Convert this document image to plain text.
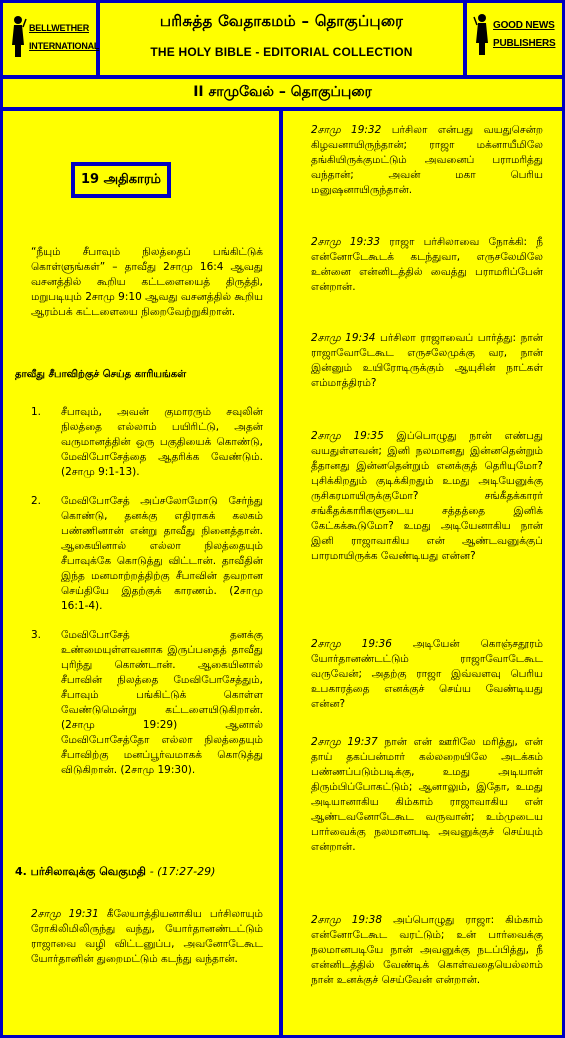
BELLWETHER
INTERNATIONAL
பரிசுத்த வேதாகமம் – தொகுப்புரை
THE HOLY BIBLE - EDITORIAL COLLECTION
GOOD NEWS
PUBLISHERS
II சாமுவேல் – தொகுப்புரை
19 அதிகாரம்
“நீயும் சீபாவும் நிலத்தைப் பங்கிட்டுக் கொள்ளுங்கள்” – தாவீது 2சாமு 16:4 ஆவது வசனத்தில் கூறிய கட்டளையைத் திருத்தி, மறுபடியும் 2சாமு 9:10 ஆவது வசனத்தில் கூறிய ஆரம்பக் கட்டளையை நிறைவேற்றுகிறான்.
தாவீது சீபாவிற்குச் செய்த காரியங்கள்
1. சீபாவும், அவன் குமாரரும் சவுலின் நிலத்தை எல்லாம் பயிரிட்டு, அதன் வருமானத்தின் ஒரு பகுதியைக் கொண்டு, மேவிபோசேத்தை ஆதரிக்க வேண்டும். (2சாமு 9:1-13).
2. மேவிபோசேத் அப்சலோமோடு சேர்ந்து கொண்டு, தனக்கு எதிராகக் கலகம் பண்ணினான் என்று தாவீது நினைத்தான். ஆகையினால் எல்லா நிலத்தையும் சீபாவுக்கே கொடுத்து விட்டான். தாவீதின் இந்த மனமாற்றத்திற்கு சீபாவின் தவறான செய்தியே இதற்குக் காரணம். (2சாமு 16:1-4).
3. மேவிபோசேத் தனக்கு உண்மையுள்ளவனாக இருப்பதைத் தாவீது புரிந்து கொண்டான். ஆகையினால் சீபாவின் நிலத்தை மேவிபோசேத்தும், சீபாவும் பங்கிட்டுக் கொள்ள வேண்டுமென்று கட்டளையிடுகிறான். (2சாமு 19:29) ஆனால் மேவிபோசேத்தோ எல்லா நிலத்தையும் சீபாவிற்கு மனப்பூர்வமாகக் கொடுத்து விடுகிறான். (2சாமு 19:30).
4. பர்சிலாவுக்கு வெகுமதி - (17:27-29)
2சாமு 19:31 கீலேயாத்தியனாகிய பர்சிலாயும் ரோகிலிமிலிருந்து வந்து, யோர்தானண்டட்டும் ராஜாவை வழி விட்டனுப்ப, அவனோடேகூட யோர்தானின் துறைமட்டும் கடந்து வந்தான்.
2சாமு 19:32 பர்சிலா என்பது வயதுசென்ற கிழவனாயிருந்தான்; ராஜா மக்னாயீமிலே தங்கியிருக்குமட்டும் அவனைப் பராமரித்து வந்தான்; அவன் மகா பெரிய மனுஷனாயிருந்தான்.
2சாமு 19:33 ராஜா பர்சிலாவை நோக்கி: நீ என்னோடேகூடக் கடந்துவா, எருசலேமிலே உன்னை என்னிடத்தில் வைத்து பராமரிப்பேன் என்றான்.
2சாமு 19:34 பர்சிலா ராஜாவைப் பார்த்து: நான் ராஜாவோடேகூட எருசலேமுக்கு வர, நான் இன்னும் உயிரோடிருக்கும் ஆயுசின் நாட்கள் எம்மாத்திரம்?
2சாமு 19:35 இப்பொழுது நான் எண்பது வயதுள்ளவன்; இனி நலமானது இன்னதென்றும் தீதானது இன்னதென்றும் எனக்குத் தெரியுமோ? புசிக்கிறதும் குடிக்கிறதும் உமது அடியேனுக்கு ருசிகரமாயிருக்குமோ? சங்கீதக்காரர் சங்கீதக்காரிகளுடைய சத்தத்தை இனிக் கேட்கக்கூடுமோ? உமது அடியேனாகிய நான் இனி ராஜாவாகிய என் ஆண்டவனுக்குப் பாரமாயிருக்க வேண்டியது என்ன?
2சாமு 19:36 அடியேன் கொஞ்சதூரம் யோர்தானண்டட்டும் ராஜாவோடேகூட வருவேன்; அதற்கு ராஜா இவ்வளவு பெரிய உபகாரத்தை எனக்குச் செய்ய வேண்டியது என்ன?
2சாமு 19:37 நான் என் ஊரிலே மரித்து, என் தாய் தகப்பன்மார் கல்லறையிலே அடக்கம் பண்ணப்படும்படிக்கு, உமது அடியான் திரும்பிப்போகட்டும்; ஆனாலும், இதோ, உமது அடியானாகிய கிம்காம் ராஜாவாகிய என் ஆண்டவனோடேகூட வருவான்; உம்முடைய பார்வைக்கு நலமானபடி அவனுக்குச் செய்யும் என்றான்.
2சாமு 19:38 அப்பொழுது ராஜா: கிம்காம் என்னோடேகூட வரட்டும்; உன் பார்வைக்கு நலமானபடியே நான் அவனுக்கு நடப்பித்து, நீ என்னிடத்தில் வேண்டிக் கொள்வதையெல்லாம் நான் உனக்குச் செய்வேன் என்றான்.
